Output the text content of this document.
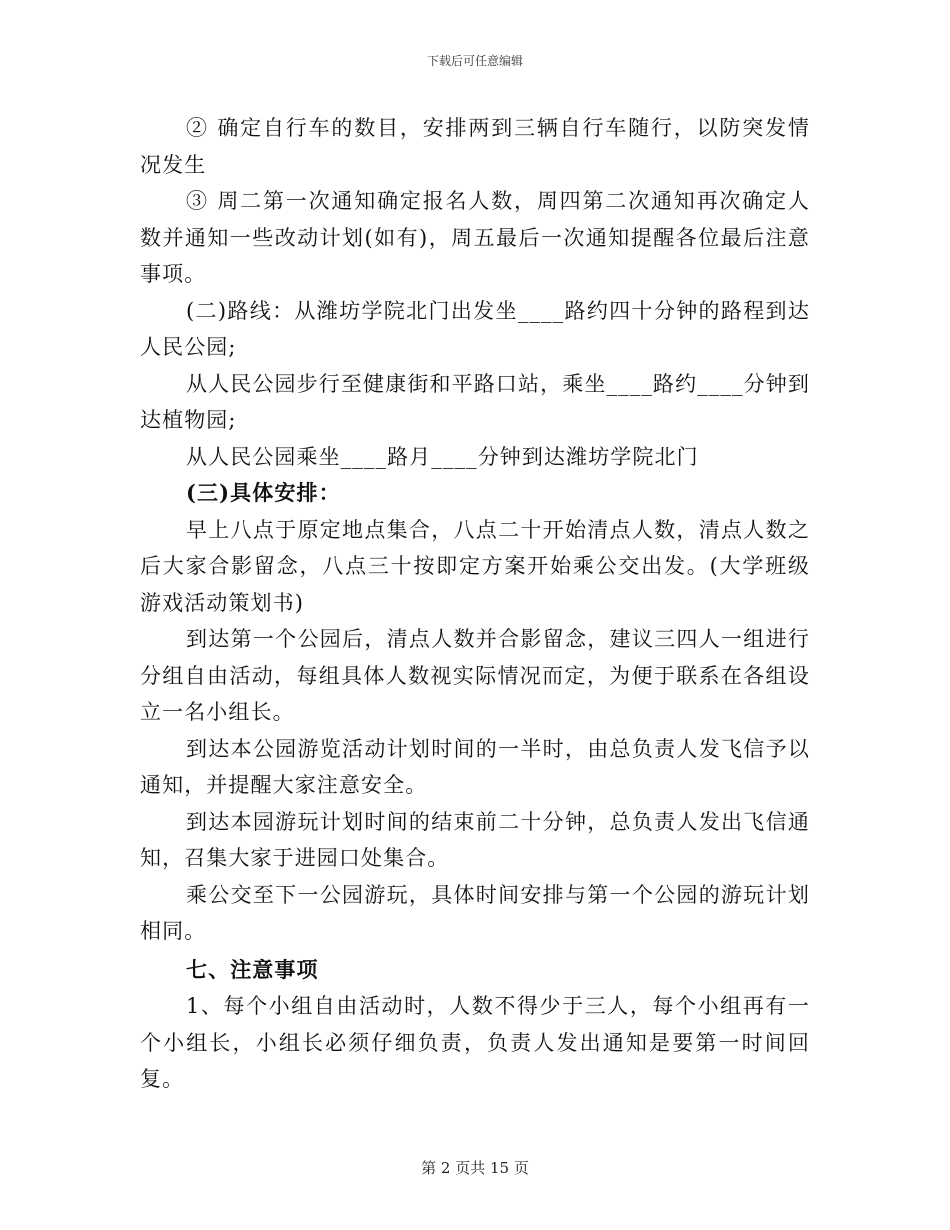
下载后可任意编辑

② 确定自行车的数目，安排两到三辆自行车随行，以防突发情况发生

③ 周二第一次通知确定报名人数，周四第二次通知再次确定人数并通知一些改动计划(如有)，周五最后一次通知提醒各位最后注意事项。

(二)路线：从潍坊学院北门出发坐____路约四十分钟的路程到达人民公园;

从人民公园步行至健康街和平路口站，乘坐____路约____分钟到达植物园;

从人民公园乘坐____路月____分钟到达潍坊学院北门

(三)具体安排：

早上八点于原定地点集合，八点二十开始清点人数，清点人数之后大家合影留念，八点三十按即定方案开始乘公交出发。(大学班级游戏活动策划书)

到达第一个公园后，清点人数并合影留念，建议三四人一组进行分组自由活动，每组具体人数视实际情况而定，为便于联系在各组设立一名小组长。

到达本公园游览活动计划时间的一半时，由总负责人发飞信予以通知，并提醒大家注意安全。

到达本园游玩计划时间的结束前二十分钟，总负责人发出飞信通知，召集大家于进园口处集合。

乘公交至下一公园游玩，具体时间安排与第一个公园的游玩计划相同。

七、注意事项

1、每个小组自由活动时，人数不得少于三人，每个小组再有一个小组长，小组长必须仔细负责，负责人发出通知是要第一时间回复。

第 2 页共 15 页
